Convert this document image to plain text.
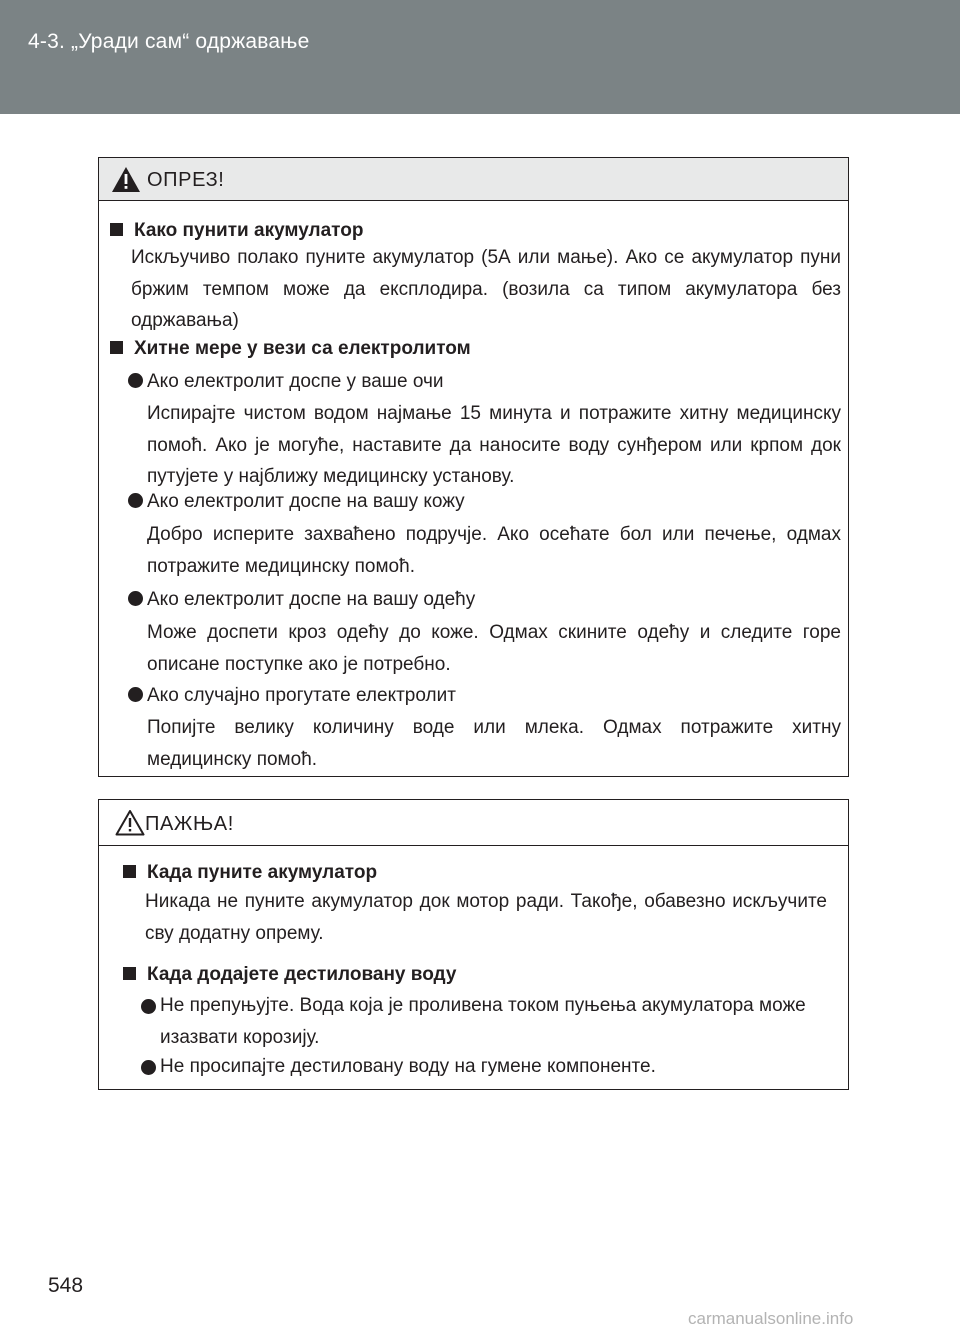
4-3. „Уради сам“ одржавање
ОПРЕЗ!
Како пунити акумулатор

Искључиво полако пуните акумулатор (5А или мање). Ако се акумулатор пуни бржим темпом може да експлодира. (возила са типом акумулатора без одржавања)

Хитне мере у вези са електролитом
Ако електролит доспе у ваше очи

Испирајте чистом водом најмање 15 минута и потражите хитну медицинску помоћ. Ако је могуће, наставите да наносите воду сунђером или крпом док путујете у најближу медицинску установу.

Ако електролит доспе на вашу кожу

Добро исперите захваћено подручје. Ако осећате бол или печење, одмах потражите медицинску помоћ.

Ако електролит доспе на вашу одећу

Може доспети кроз одећу до коже. Одмах скините одећу и следите горе описане поступке ако је потребно.

Ако случајно прогутате електролит

Попијте велику количину воде или млека. Одмах потражите хитну медицинску помоћ.

ПАЖЊА!
Када пуните акумулатор

Никада не пуните акумулатор док мотор ради. Такође, обавезно искључите сву додатну опрему.

Када додајете дестиловану воду

Не препуњујте. Вода која је проливена током пуњења акумулатора може изазвати корозију.

Не просипајте дестиловану воду на гумене компоненте.

548
carmanualsonline.info
